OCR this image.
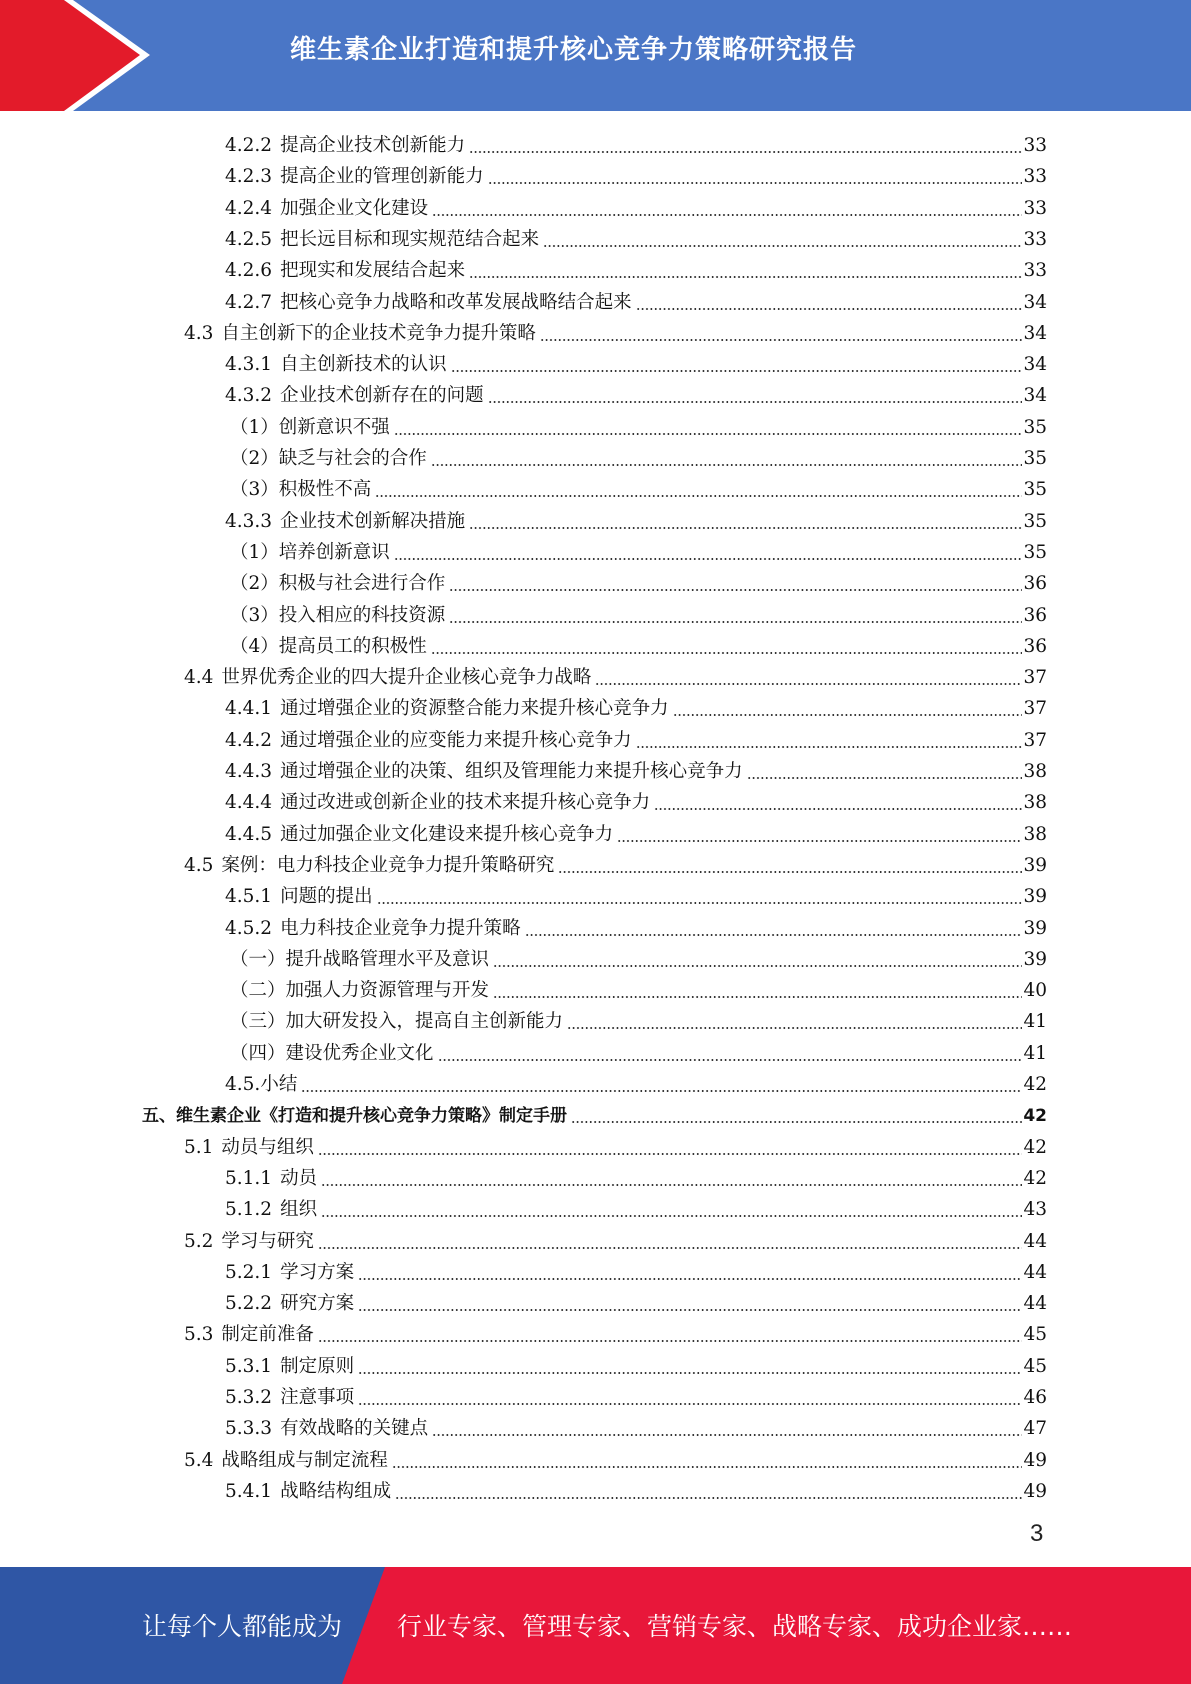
维生素企业打造和提升核心竞争力策略研究报告
4.2.2 提高企业技术创新能力	33
4.2.3 提高企业的管理创新能力	33
4.2.4 加强企业文化建设	33
4.2.5 把长远目标和现实规范结合起来	33
4.2.6 把现实和发展结合起来	33
4.2.7 把核心竞争力战略和改革发展战略结合起来	34
4.3 自主创新下的企业技术竞争力提升策略	34
4.3.1 自主创新技术的认识	34
4.3.2 企业技术创新存在的问题	34
（1） 创新意识不强	35
（2） 缺乏与社会的合作	35
（3） 积极性不高	35
4.3.3 企业技术创新解决措施	35
（1） 培养创新意识	35
（2） 积极与社会进行合作	36
（3） 投入相应的科技资源	36
（4） 提高员工的积极性	36
4.4 世界优秀企业的四大提升企业核心竞争力战略	37
4.4.1 通过增强企业的资源整合能力来提升核心竞争力	37
4.4.2 通过增强企业的应变能力来提升核心竞争力	37
4.4.3 通过增强企业的决策、组织及管理能力来提升核心竞争力	38
4.4.4 通过改进或创新企业的技术来提升核心竞争力	38
4.4.5 通过加强企业文化建设来提升核心竞争力	38
4.5 案例：电力科技企业竞争力提升策略研究	39
4.5.1 问题的提出	39
4.5.2 电力科技企业竞争力提升策略	39
（一） 提升战略管理水平及意识	39
（二） 加强人力资源管理与开发	40
（三） 加大研发投入，提高自主创新能力	41
（四） 建设优秀企业文化	41
4.5. 小结	42
五、 维生素企业《打造和提升核心竞争力策略》制定手册	42
5.1 动员与组织	42
5.1.1 动员	42
5.1.2 组织	43
5.2 学习与研究	44
5.2.1 学习方案	44
5.2.2 研究方案	44
5.3 制定前准备	45
5.3.1 制定原则	45
5.3.2 注意事项	46
5.3.3 有效战略的关键点	47
5.4 战略组成与制定流程	49
5.4.1 战略结构组成	49
3
让每个人都能成为 行业专家、管理专家、营销专家、战略专家、成功企业家……
